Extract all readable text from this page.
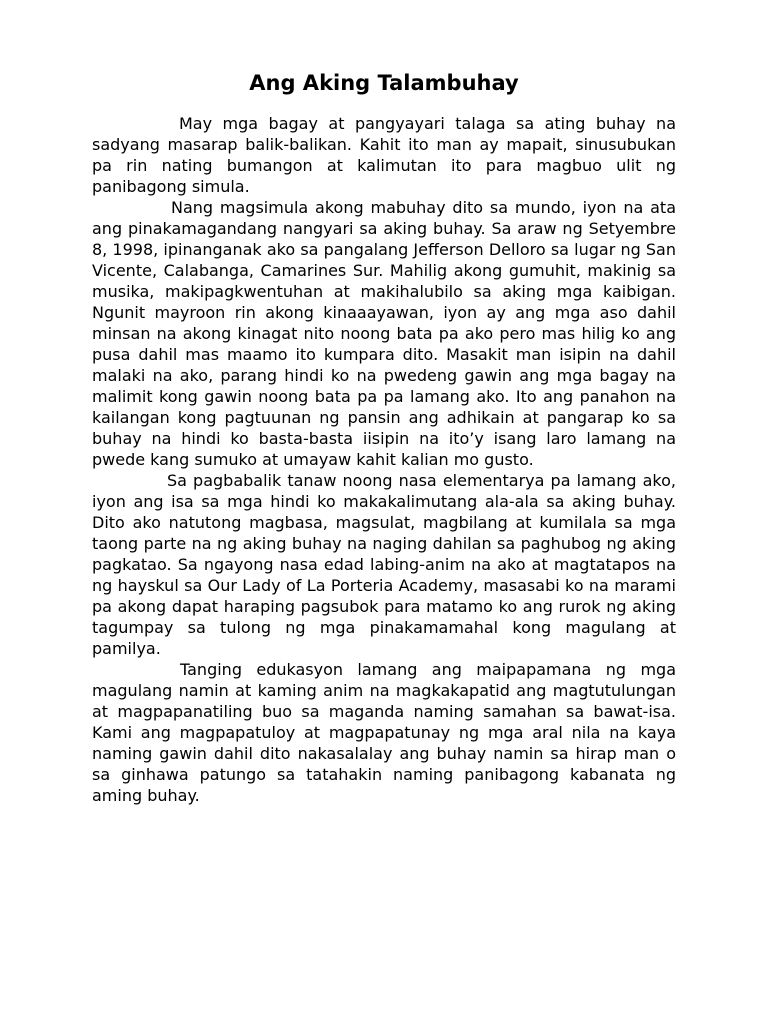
Ang Aking Talambuhay

May mga bagay at pangyayari talaga sa ating buhay na sadyang masarap balik-balikan. Kahit ito man ay mapait, sinusubukan pa rin nating bumangon at kalimutan ito para magbuo ulit ng panibagong simula.

Nang magsimula akong mabuhay dito sa mundo, iyon na ata ang pinakamagandang nangyari sa aking buhay. Sa araw ng Setyembre 8, 1998, ipinanganak ako sa pangalang Jefferson Delloro sa lugar ng San Vicente, Calabanga, Camarines Sur. Mahilig akong gumuhit, makinig sa musika, makipagkwentuhan at makihalubilo sa aking mga kaibigan. Ngunit mayroon rin akong kinaaayawan, iyon ay ang mga aso dahil minsan na akong kinagat nito noong bata pa ako pero mas hilig ko ang pusa dahil mas maamo ito kumpara dito. Masakit man isipin na dahil malaki na ako, parang hindi ko na pwedeng gawin ang mga bagay na malimit kong gawin noong bata pa pa lamang ako. Ito ang panahon na kailangan kong pagtuunan ng pansin ang adhikain at pangarap ko sa buhay na hindi ko basta-basta iisipin na ito’y isang laro lamang na pwede kang sumuko at umayaw kahit kalian mo gusto.

Sa pagbabalik tanaw noong nasa elementarya pa lamang ako, iyon ang isa sa mga hindi ko makakalimutang ala-ala sa aking buhay. Dito ako natutong magbasa, magsulat, magbilang at kumilala sa mga taong parte na ng aking buhay na naging dahilan sa paghubog ng aking pagkatao. Sa ngayong nasa edad labing-anim na ako at magtatapos na ng hayskul sa Our Lady of La Porteria Academy, masasabi ko na marami pa akong dapat haraping pagsubok para matamo ko ang rurok ng aking tagumpay sa tulong ng mga pinakamamahal kong magulang at pamilya.

Tanging edukasyon lamang ang maipapamana ng mga magulang namin at kaming anim na magkakapatid ang magtutulungan at magpapanatiling buo sa maganda naming samahan sa bawat-isa. Kami ang magpapatuloy at magpapatunay ng mga aral nila na kaya naming gawin dahil dito nakasalalay ang buhay namin sa hirap man o sa ginhawa patungo sa tatahakin naming panibagong kabanata ng aming buhay.
